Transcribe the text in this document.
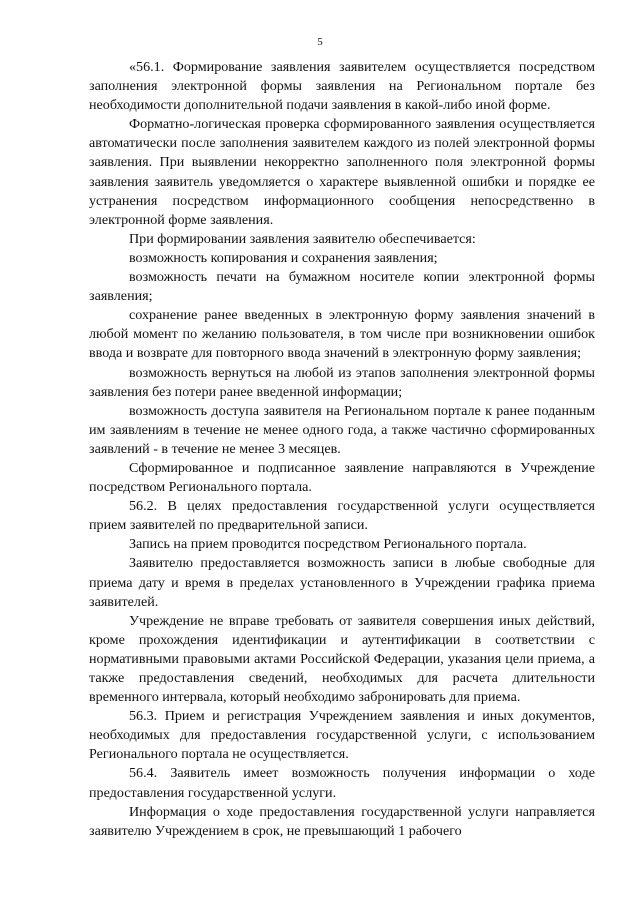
5

«56.1. Формирование заявления заявителем осуществляется посредством заполнения электронной формы заявления на Региональном портале без необходимости дополнительной подачи заявления в какой-либо иной форме.

Форматно-логическая проверка сформированного заявления осуществляется автоматически после заполнения заявителем каждого из полей электронной формы заявления. При выявлении некорректно заполненного поля электронной формы заявления заявитель уведомляется о характере выявленной ошибки и порядке ее устранения посредством информационного сообщения непосредственно в электронной форме заявления.

При формировании заявления заявителю обеспечивается:

возможность копирования и сохранения заявления;

возможность печати на бумажном носителе копии электронной формы заявления;

сохранение ранее введенных в электронную форму заявления значений в любой момент по желанию пользователя, в том числе при возникновении ошибок ввода и возврате для повторного ввода значений в электронную форму заявления;

возможность вернуться на любой из этапов заполнения электронной формы заявления без потери ранее введенной информации;

возможность доступа заявителя на Региональном портале к ранее поданным им заявлениям в течение не менее одного года, а также частично сформированных заявлений - в течение не менее 3 месяцев.

Сформированное и подписанное заявление направляются в Учреждение посредством Регионального портала.

56.2. В целях предоставления государственной услуги осуществляется прием заявителей по предварительной записи.

Запись на прием проводится посредством Регионального портала.

Заявителю предоставляется возможность записи в любые свободные для приема дату и время в пределах установленного в Учреждении графика приема заявителей.

Учреждение не вправе требовать от заявителя совершения иных действий, кроме прохождения идентификации и аутентификации в соответствии с нормативными правовыми актами Российской Федерации, указания цели приема, а также предоставления сведений, необходимых для расчета длительности временного интервала, который необходимо забронировать для приема.

56.3. Прием и регистрация Учреждением заявления и иных документов, необходимых для предоставления государственной услуги, с использованием Регионального портала не осуществляется.

56.4. Заявитель имеет возможность получения информации о ходе предоставления государственной услуги.

Информация о ходе предоставления государственной услуги направляется заявителю Учреждением в срок, не превышающий 1 рабочего
